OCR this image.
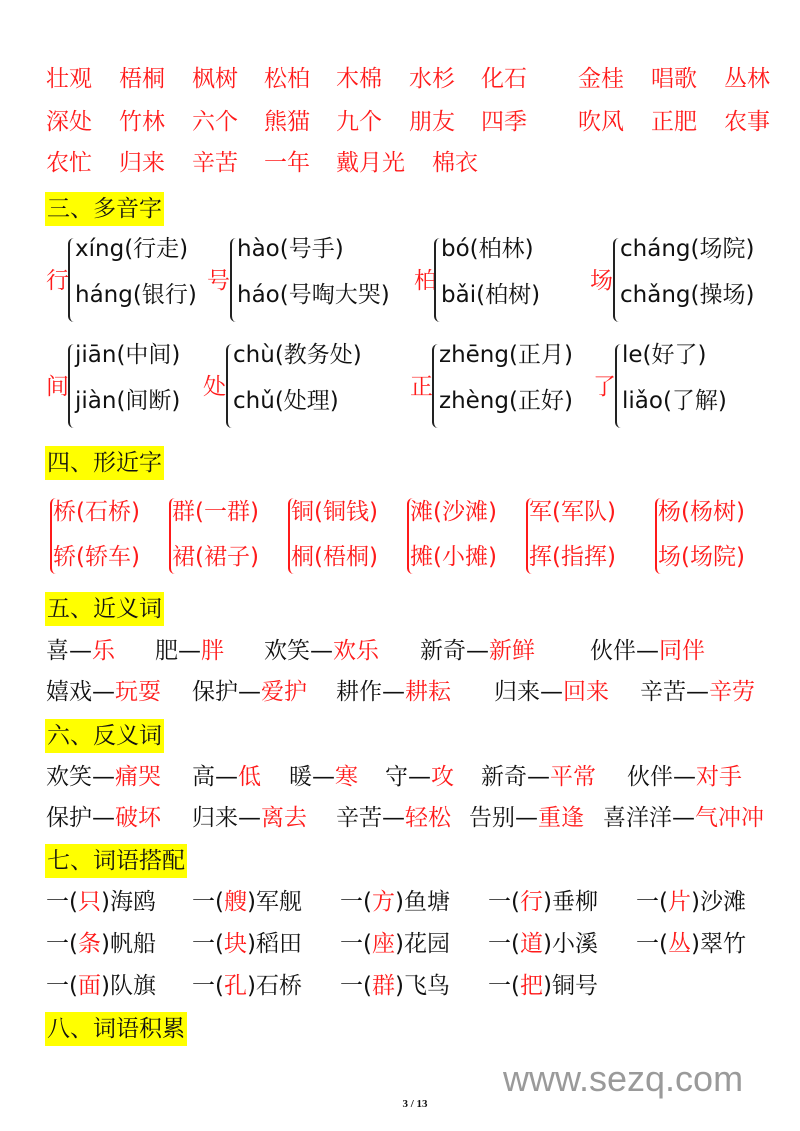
三、多音字
四、形近字
五、近义词
六、反义词
七、词语搭配
八、词语积累
www.sezq.com
3 / 13
壮观 梧桐 枫树 松柏 木棉 水杉 化石 金桂 唱歌 丛林
深处 竹林 六个 熊猫 九个 朋友 四季 吹风 正肥 农事
农忙 归来 辛苦 一年 戴月光 棉衣
行
xíng(行走)
háng(银行)
号
hào(号手)
háo(号啕大哭)
柏
bó(柏林)
bǎi(柏树)
场
cháng(场院)
chǎng(操场)
间
jiān(中间)
jiàn(间断)
处
chù(教务处)
chǔ(处理)
正
zhēng(正月)
zhèng(正好)
了
le(好了)
liǎo(了解)
桥(石桥)
轿(轿车)
群(一群)
裙(裙子)
铜(铜钱)
桐(梧桐)
滩(沙滩)
摊(小摊)
军(军队)
挥(指挥)
杨(杨树)
场(场院)
喜—乐 肥—胖 欢笑—欢乐 新奇—新鲜 伙伴—同伴
嬉戏—玩耍 保护—爱护 耕作—耕耘 归来—回来 辛苦—辛劳
欢笑—痛哭 高—低 暖—寒 守—攻 新奇—平常 伙伴—对手
保护—破坏 归来—离去 辛苦—轻松 告别—重逢 喜洋洋—气冲冲
一(只)海鸥 一(艘)军舰 一(方)鱼塘 一(行)垂柳 一(片)沙滩
一(条)帆船 一(块)稻田 一(座)花园 一(道)小溪 一(丛)翠竹
一(面)队旗 一(孔)石桥 一(群)飞鸟 一(把)铜号
